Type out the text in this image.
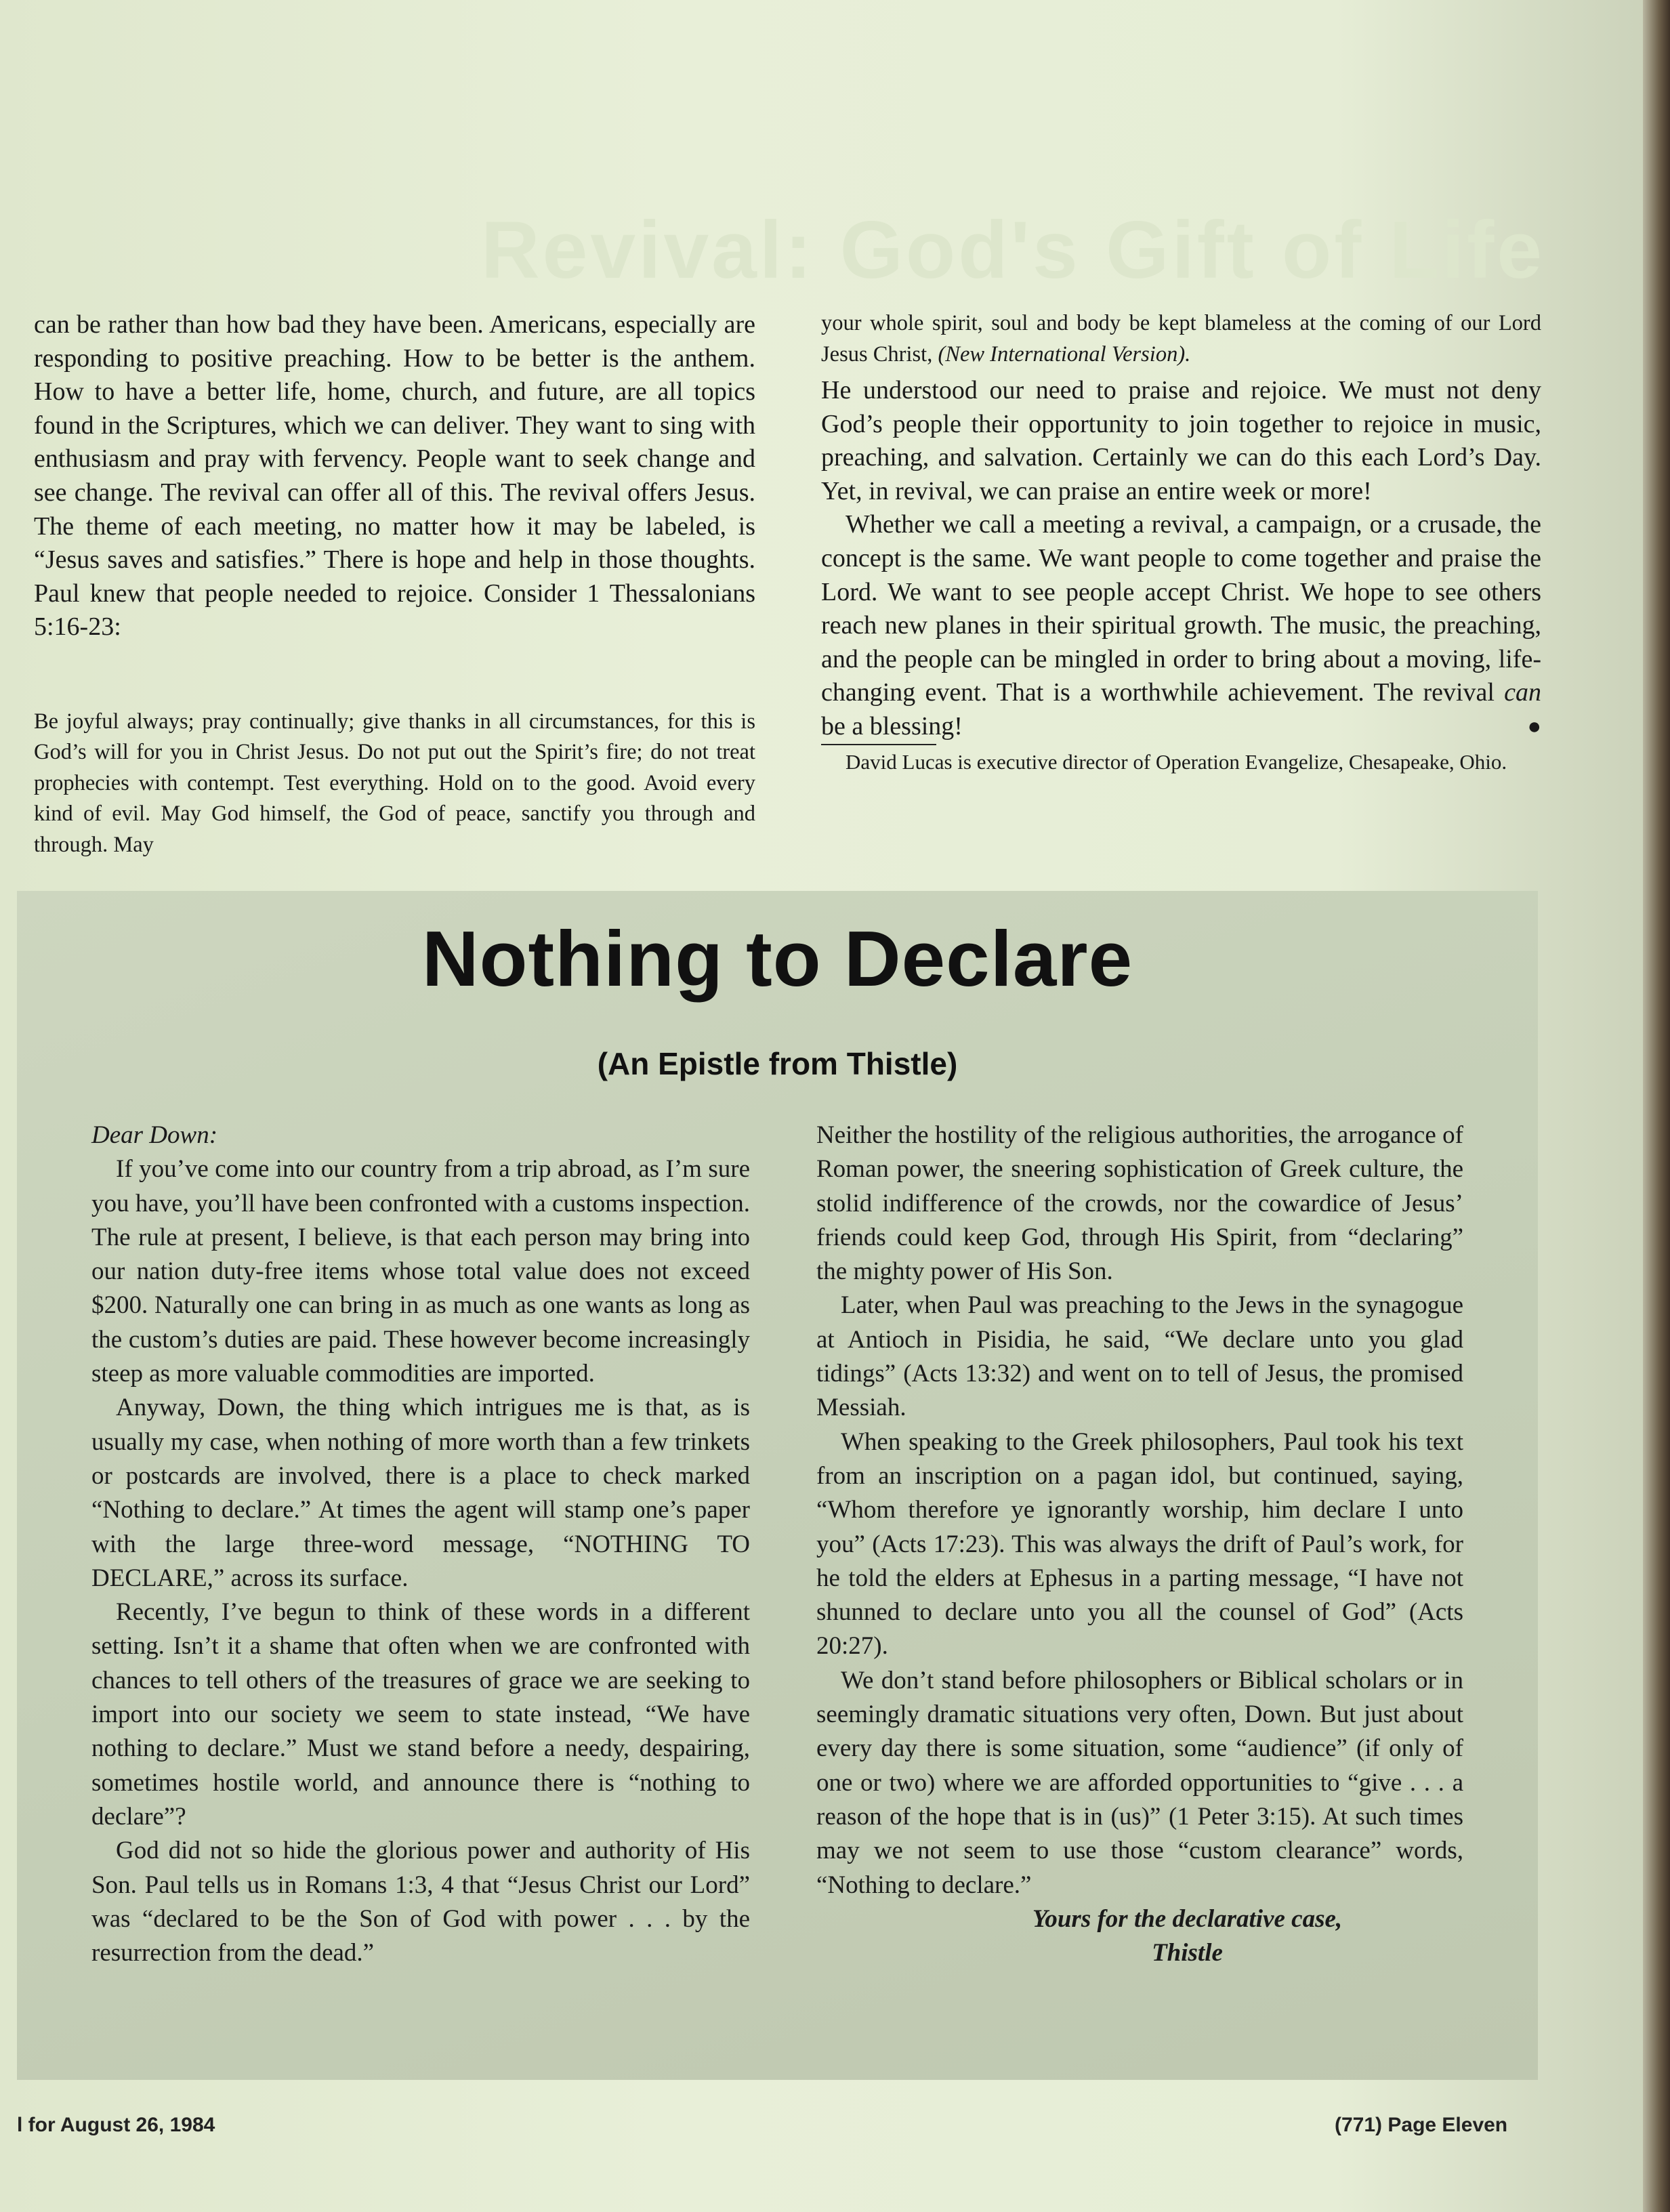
Revival: God's Gift of Life

can be rather than how bad they have been. Americans, especially are responding to positive preaching. How to be better is the anthem. How to have a better life, home, church, and future, are all topics found in the Scriptures, which we can deliver. They want to sing with enthusiasm and pray with fervency. People want to seek change and see change. The revival can offer all of this. The revival offers Jesus. The theme of each meeting, no matter how it may be labeled, is “Jesus saves and satisfies.” There is hope and help in those thoughts. Paul knew that people needed to rejoice. Consider 1 Thessalonians 5:16-23:

Be joyful always; pray continually; give thanks in all circumstances, for this is God’s will for you in Christ Jesus. Do not put out the Spirit’s fire; do not treat prophecies with contempt. Test everything. Hold on to the good. Avoid every kind of evil. May God himself, the God of peace, sanctify you through and through. May

your whole spirit, soul and body be kept blameless at the coming of our Lord Jesus Christ, (New International Version).

He understood our need to praise and rejoice. We must not deny God’s people their opportunity to join together to rejoice in music, preaching, and salvation. Certainly we can do this each Lord’s Day. Yet, in revival, we can praise an entire week or more!

Whether we call a meeting a revival, a campaign, or a crusade, the concept is the same. We want people to come together and praise the Lord. We want to see people accept Christ. We hope to see others reach new planes in their spiritual growth. The music, the preaching, and the people can be mingled in order to bring about a moving, life-changing event. That is a worthwhile achievement. The revival can be a blessing!	●

David Lucas is executive director of Operation Evangelize, Chesapeake, Ohio.

Nothing to Declare
(An Epistle from Thistle)

Dear Down:

If you’ve come into our country from a trip abroad, as I’m sure you have, you’ll have been confronted with a customs inspection. The rule at present, I believe, is that each person may bring into our nation duty-free items whose total value does not exceed $200. Naturally one can bring in as much as one wants as long as the custom’s duties are paid. These however become increasingly steep as more valuable commodities are imported.

Anyway, Down, the thing which intrigues me is that, as is usually my case, when nothing of more worth than a few trinkets or postcards are involved, there is a place to check marked “Nothing to declare.” At times the agent will stamp one’s paper with the large three-word message, “NOTHING TO DECLARE,” across its surface.

Recently, I’ve begun to think of these words in a different setting. Isn’t it a shame that often when we are confronted with chances to tell others of the treasures of grace we are seeking to import into our society we seem to state instead, “We have nothing to declare.” Must we stand before a needy, despairing, sometimes hostile world, and announce there is “nothing to declare”?

God did not so hide the glorious power and authority of His Son. Paul tells us in Romans 1:3, 4 that “Jesus Christ our Lord” was “declared to be the Son of God with power . . . by the resurrection from the dead.”

Neither the hostility of the religious authorities, the arrogance of Roman power, the sneering sophistication of Greek culture, the stolid indifference of the crowds, nor the cowardice of Jesus’ friends could keep God, through His Spirit, from “declaring” the mighty power of His Son.

Later, when Paul was preaching to the Jews in the synagogue at Antioch in Pisidia, he said, “We declare unto you glad tidings” (Acts 13:32) and went on to tell of Jesus, the promised Messiah.

When speaking to the Greek philosophers, Paul took his text from an inscription on a pagan idol, but continued, saying, “Whom therefore ye ignorantly worship, him declare I unto you” (Acts 17:23). This was always the drift of Paul’s work, for he told the elders at Ephesus in a parting message, “I have not shunned to declare unto you all the counsel of God” (Acts 20:27).

We don’t stand before philosophers or Biblical scholars or in seemingly dramatic situations very often, Down. But just about every day there is some situation, some “audience” (if only of one or two) where we are afforded opportunities to “give . . . a reason of the hope that is in (us)” (1 Peter 3:15). At such times may we not seem to use those “custom clearance” words, “Nothing to declare.”

Yours for the declarative case,

Thistle

l for August 26, 1984	(771) Page Eleven
